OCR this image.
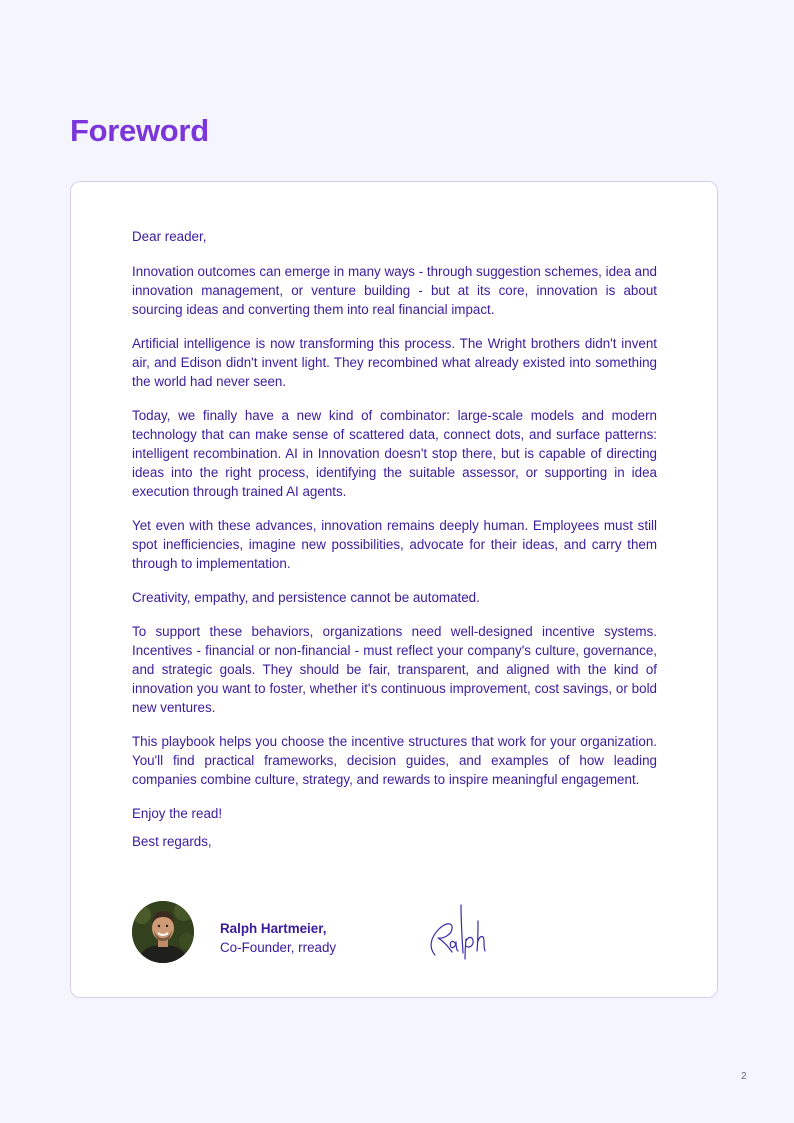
Foreword

Dear reader,

Innovation outcomes can emerge in many ways - through suggestion schemes, idea and innovation management, or venture building - but at its core, innovation is about sourcing ideas and converting them into real financial impact.

Artificial intelligence is now transforming this process. The Wright brothers didn't invent air, and Edison didn't invent light. They recombined what already existed into something the world had never seen.

Today, we finally have a new kind of combinator: large-scale models and modern technology that can make sense of scattered data, connect dots, and surface patterns: intelligent recombination. AI in Innovation doesn't stop there, but is capable of directing ideas into the right process, identifying the suitable assessor, or supporting in idea execution through trained AI agents.

Yet even with these advances, innovation remains deeply human. Employees must still spot inefficiencies, imagine new possibilities, advocate for their ideas, and carry them through to implementation.

Creativity, empathy, and persistence cannot be automated.

To support these behaviors, organizations need well-designed incentive systems. Incentives - financial or non-financial - must reflect your company's culture, governance, and strategic goals. They should be fair, transparent, and aligned with the kind of innovation you want to foster, whether it's continuous improvement, cost savings, or bold new ventures.

This playbook helps you choose the incentive structures that work for your organization. You'll find practical frameworks, decision guides, and examples of how leading companies combine culture, strategy, and rewards to inspire meaningful engagement.

Enjoy the read!

Best regards,

Ralph Hartmeier,
Co-Founder, rready
2
